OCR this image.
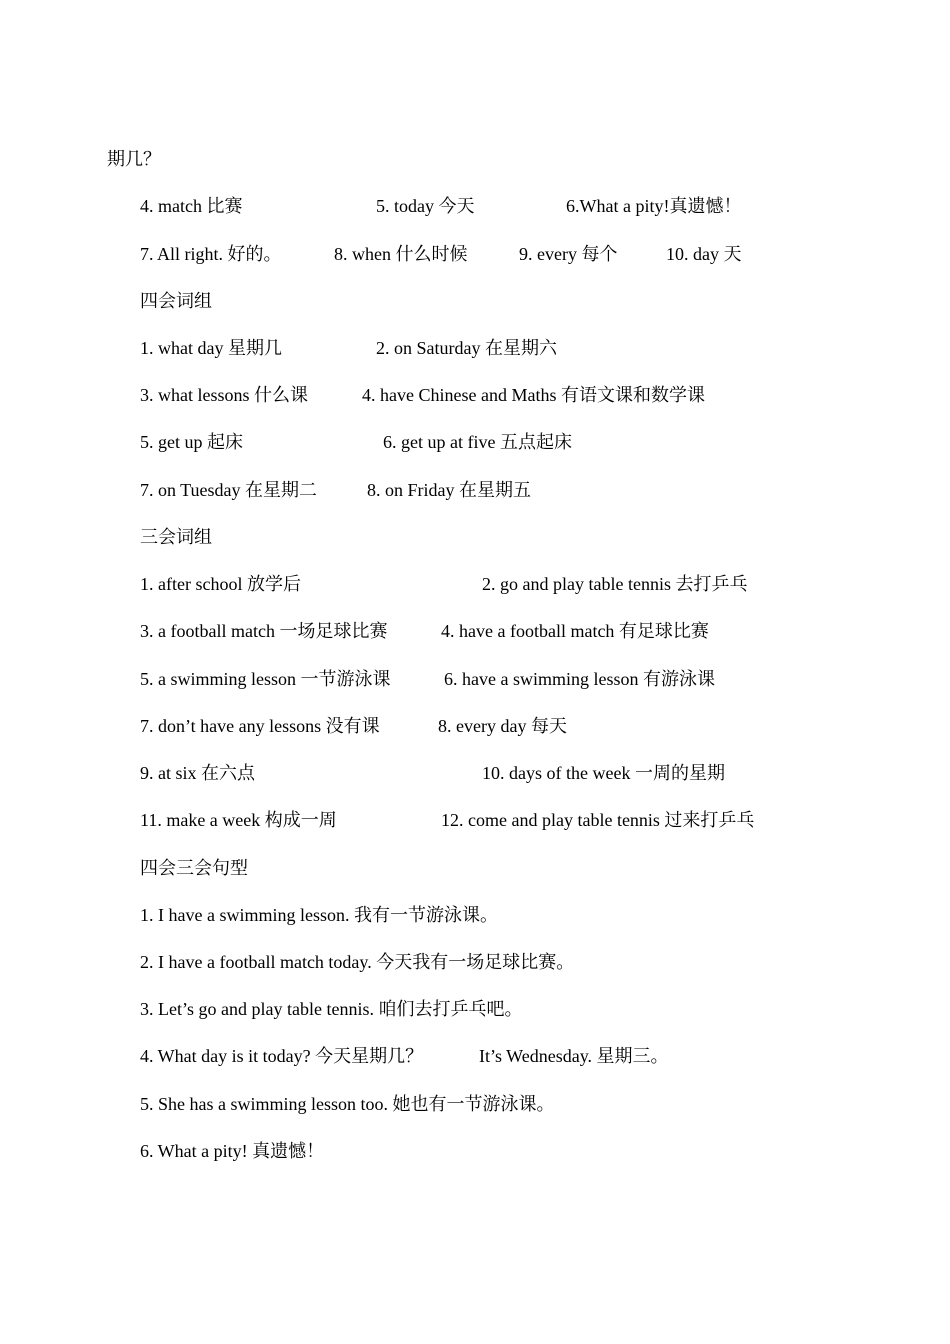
期几？
4. match 比赛	5. today 今天	6.What a pity!真遗憾！
7. All right. 好的。	8. when 什么时候	9. every 每个	10. day 天
四会词组
1. what day 星期几	2. on Saturday 在星期六
3. what lessons 什么课	4. have Chinese and Maths 有语文课和数学课
5. get up 起床	6. get up at five 五点起床
7. on Tuesday 在星期二	8. on Friday 在星期五
三会词组
1. after school 放学后	2. go and play table tennis 去打乒乓
3. a football match 一场足球比赛	4. have a football match 有足球比赛
5. a swimming lesson 一节游泳课	6. have a swimming lesson 有游泳课
7. don’t have any lessons 没有课	8. every day 每天
9. at six 在六点	10. days of the week 一周的星期
11. make a week 构成一周	12. come and play table tennis 过来打乒乓
四会三会句型
1. I have a swimming lesson. 我有一节游泳课。
2. I have a football match today. 今天我有一场足球比赛。
3. Let’s go and play table tennis. 咱们去打乒乓吧。
4. What day is it today? 今天星期几？	It’s Wednesday. 星期三。
5. She has a swimming lesson too. 她也有一节游泳课。
6. What a pity! 真遗憾！
